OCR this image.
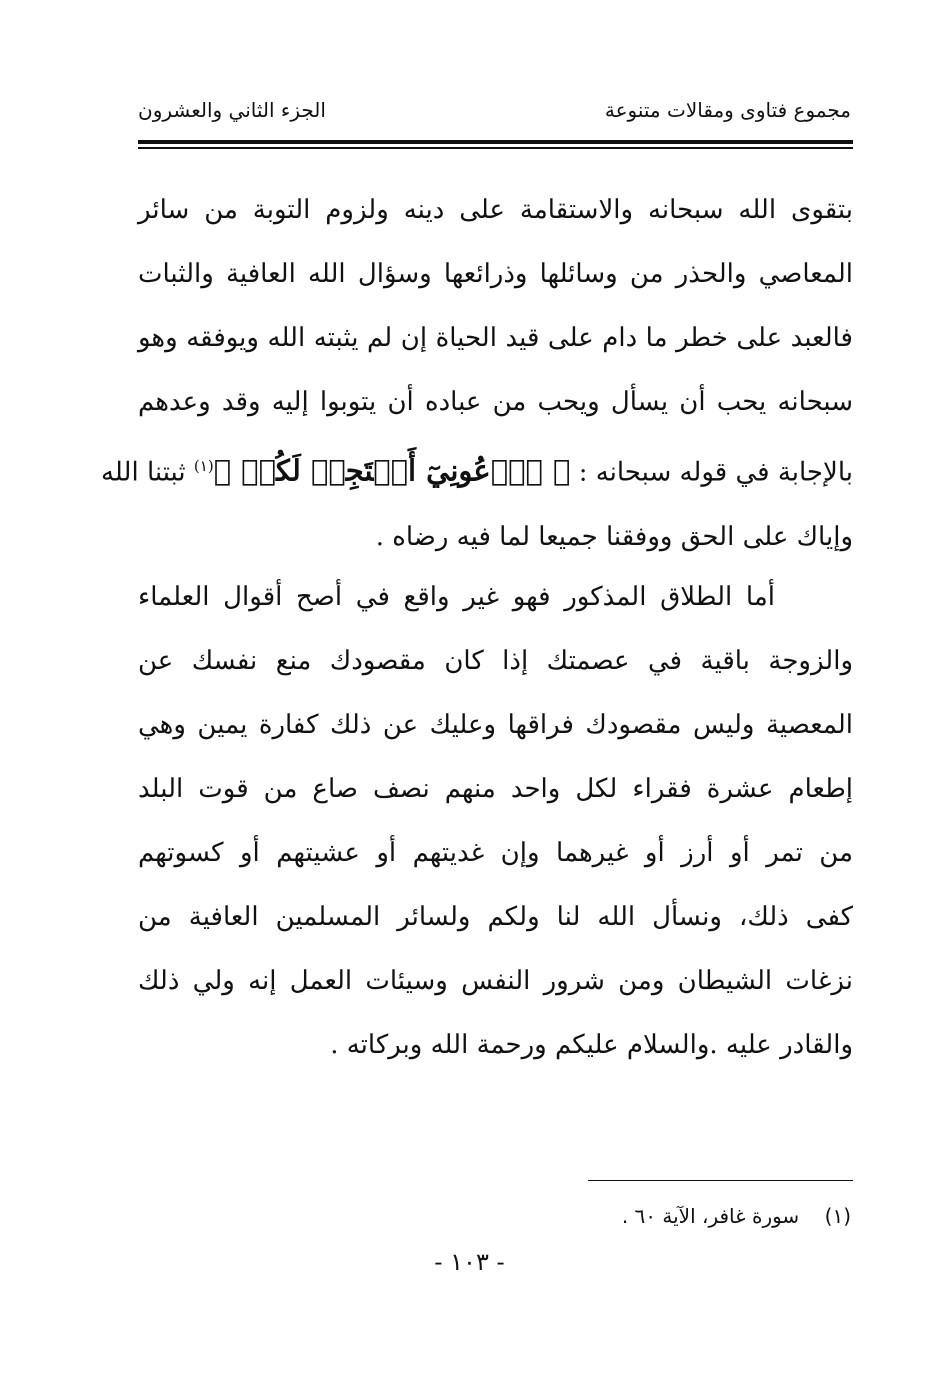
مجموع فتاوى ومقالات متنوعة
الجزء الثاني والعشرون
بتقوى الله سبحانه والاستقامة على دينه ولزوم التوبة من سائر
المعاصي والحذر من وسائلها وذرائعها وسؤال الله العافية والثبات
فالعبد على خطر ما دام على قيد الحياة إن لم يثبته الله ويوفقه وهو
سبحانه يحب أن يسأل ويحب من عباده أن يتوبوا إليه وقد وعدهم
بالإجابة في قوله سبحانه : ﴿ ٱدۡعُونِيٓ أَسۡتَجِبۡ لَكُمۡ ﴾$^{(١)}$ ثبتنا الله
وإياك على الحق ووفقنا جميعا لما فيه رضاه .
   أما الطلاق المذكور فهو غير واقع في أصح أقوال العلماء
والزوجة باقية في عصمتك إذا كان مقصودك منع نفسك عن
المعصية وليس مقصودك فراقها وعليك عن ذلك كفارة يمين وهي
إطعام عشرة فقراء لكل واحد منهم نصف صاع من قوت البلد
من تمر أو أرز أو غيرهما وإن غديتهم أو عشيتهم أو كسوتهم
كفى ذلك، ونسأل الله لنا ولكم ولسائر المسلمين العافية من
نزغات الشيطان ومن شرور النفس وسيئات العمل إنه ولي ذلك
والقادر عليه .والسلام عليكم ورحمة الله وبركاته .
(١)    سورة غافر، الآية ٦٠ .
- ١٠٣ -
